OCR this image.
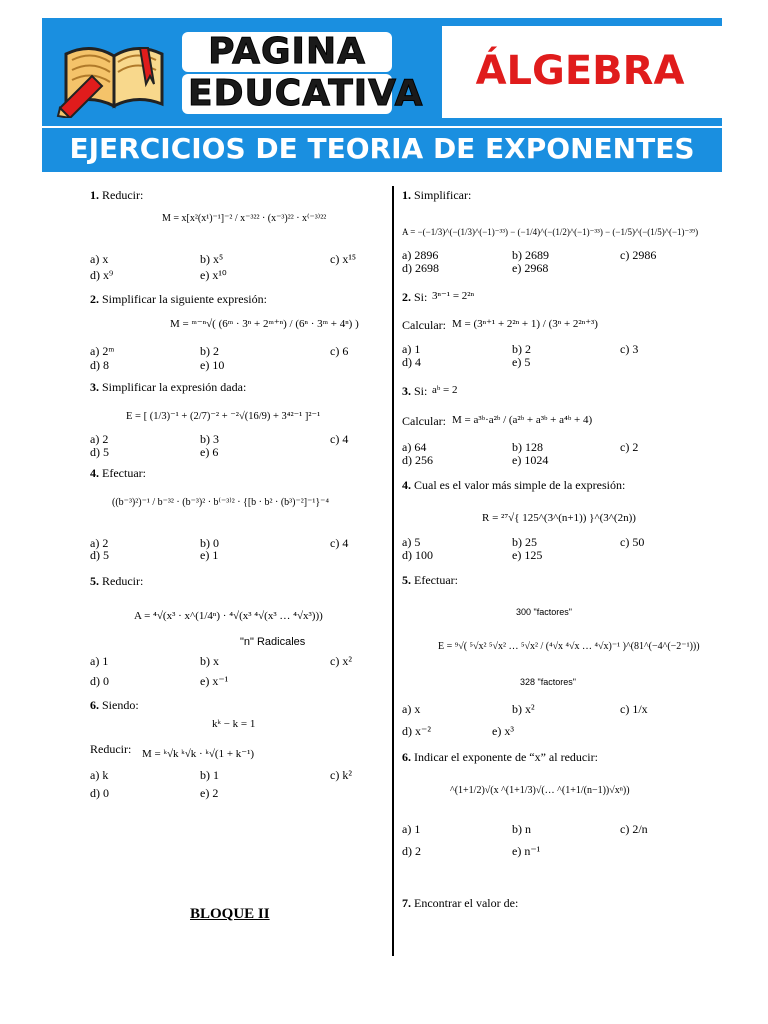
PAGINA
EDUCATIVA ÁLGEBRA
EJERCICIOS DE TEORIA DE EXPONENTES
1. Reducir:
M = x[x²(x¹)⁻¹]⁻² / x⁻³²² · (x⁻³)²² · x⁽⁻³⁾²²
a) x	b) x⁵	c) x¹⁵
d) x⁹	e) x¹⁰
2. Simplificar la siguiente expresión:
M = ᵐ⁻ⁿ√( (6ᵐ · 3ⁿ + 2ᵐ⁺ⁿ) / (6ⁿ · 3ᵐ + 4ⁿ) )
a) 2ᵐ	b) 2	c) 6
d) 8	e) 10
3. Simplificar la expresión dada:
E = [ (1/3)⁻¹ + (2/7)⁻² + ⁻²√(16/9) + 3⁴²⁻¹ ]²⁻¹
a) 2	b) 3	c) 4
d) 5	e) 6
4. Efectuar:
((b⁻³)²)⁻¹ / b⁻³² · (b⁻³)² · b⁽⁻³⁾² · {[b · b² · (b³)⁻²]⁻¹}⁻⁴
a) 2	b) 0	c) 4
d) 5	e) 1
5. Reducir:
A = ⁴√(x³ · x^(1/4ⁿ) · ⁴√(x³ ⁴√(x³ … ⁴√x³)))
"n" Radicales
a) 1	b) x	c) x²
d) 0	e) x⁻¹
6. Siendo:
kᵏ − k = 1
Reducir: M = ᵏ√k ᵏ√k · ᵏ√(1 + k⁻¹)
a) k	b) 1	c) k²
d) 0	e) 2
BLOQUE II
1. Simplificar:
A = −(−1/3)^(−(1/3)^(−1)⁻³³) − (−1/4)^(−(1/2)^(−1)⁻³³) − (−1/5)^(−(1/5)^(−1)⁻³⁹)
a) 2896	b) 2689	c) 2986
d) 2698	e) 2968
2. Si: 3ⁿ⁻¹ = 2²ⁿ
Calcular: M = (3ⁿ⁺¹ + 2²ⁿ + 1) / (3ⁿ + 2²ⁿ⁺³)
a) 1	b) 2	c) 3
d) 4	e) 5
3. Si: aᵇ = 2
Calcular: M = a³ᵇ·a²ᵇ / (a²ᵇ + a³ᵇ + a⁴ᵇ + 4)
a) 64	b) 128	c) 2
d) 256	e) 1024
4. Cual es el valor más simple de la expresión:
R = ²⁷√{ 125^(3^(n+1)) }^(3^(2n))
a) 5	b) 25	c) 50
d) 100	e) 125
5. Efectuar:
300 "factores"
E = ⁹√( ⁵√x² ⁵√x² … ⁵√x² / (⁴√x ⁴√x … ⁴√x)⁻¹ )^(81^(−4^(−2⁻¹)))
328 "factores"
a) x	b) x²	c) 1/x
d) x⁻²	e) x³
6. Indicar el exponente de “x” al reducir:
^(1+1/2)√(x ^(1+1/3)√(… ^(1+1/(n−1))√xⁿ))
a) 1	b) n	c) 2/n
d) 2	e) n⁻¹
7. Encontrar el valor de:
